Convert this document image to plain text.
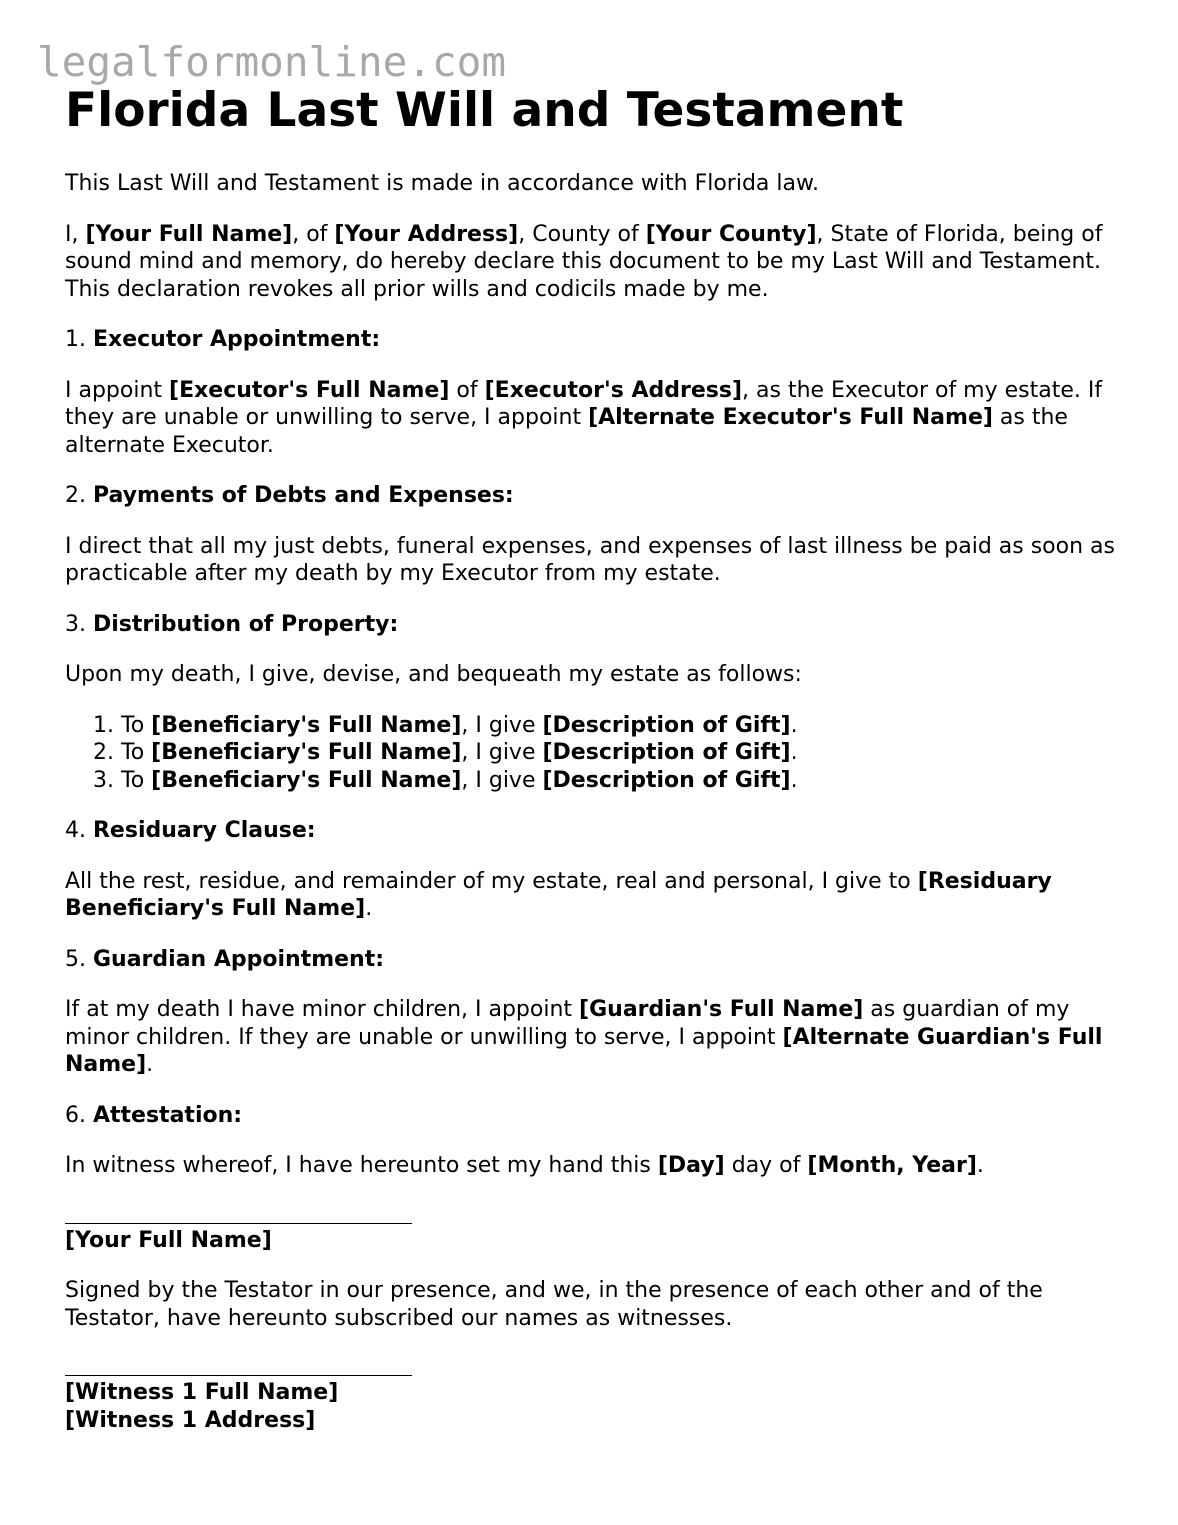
legalformonline.com
Florida Last Will and Testament

This Last Will and Testament is made in accordance with Florida law.

I, [Your Full Name], of [Your Address], County of [Your County], State of Florida, being of sound mind and memory, do hereby declare this document to be my Last Will and Testament. This declaration revokes all prior wills and codicils made by me.

1. Executor Appointment:

I appoint [Executor's Full Name] of [Executor's Address], as the Executor of my estate. If they are unable or unwilling to serve, I appoint [Alternate Executor's Full Name] as the alternate Executor.

2. Payments of Debts and Expenses:

I direct that all my just debts, funeral expenses, and expenses of last illness be paid as soon as practicable after my death by my Executor from my estate.

3. Distribution of Property:

Upon my death, I give, devise, and bequeath my estate as follows:

1. To [Beneficiary's Full Name], I give [Description of Gift].
2. To [Beneficiary's Full Name], I give [Description of Gift].
3. To [Beneficiary's Full Name], I give [Description of Gift].

4. Residuary Clause:

All the rest, residue, and remainder of my estate, real and personal, I give to [Residuary Beneficiary's Full Name].

5. Guardian Appointment:

If at my death I have minor children, I appoint [Guardian's Full Name] as guardian of my minor children. If they are unable or unwilling to serve, I appoint [Alternate Guardian's Full Name].

6. Attestation:

In witness whereof, I have hereunto set my hand this [Day] day of [Month, Year].

[Your Full Name]

Signed by the Testator in our presence, and we, in the presence of each other and of the Testator, have hereunto subscribed our names as witnesses.

[Witness 1 Full Name]
[Witness 1 Address]
